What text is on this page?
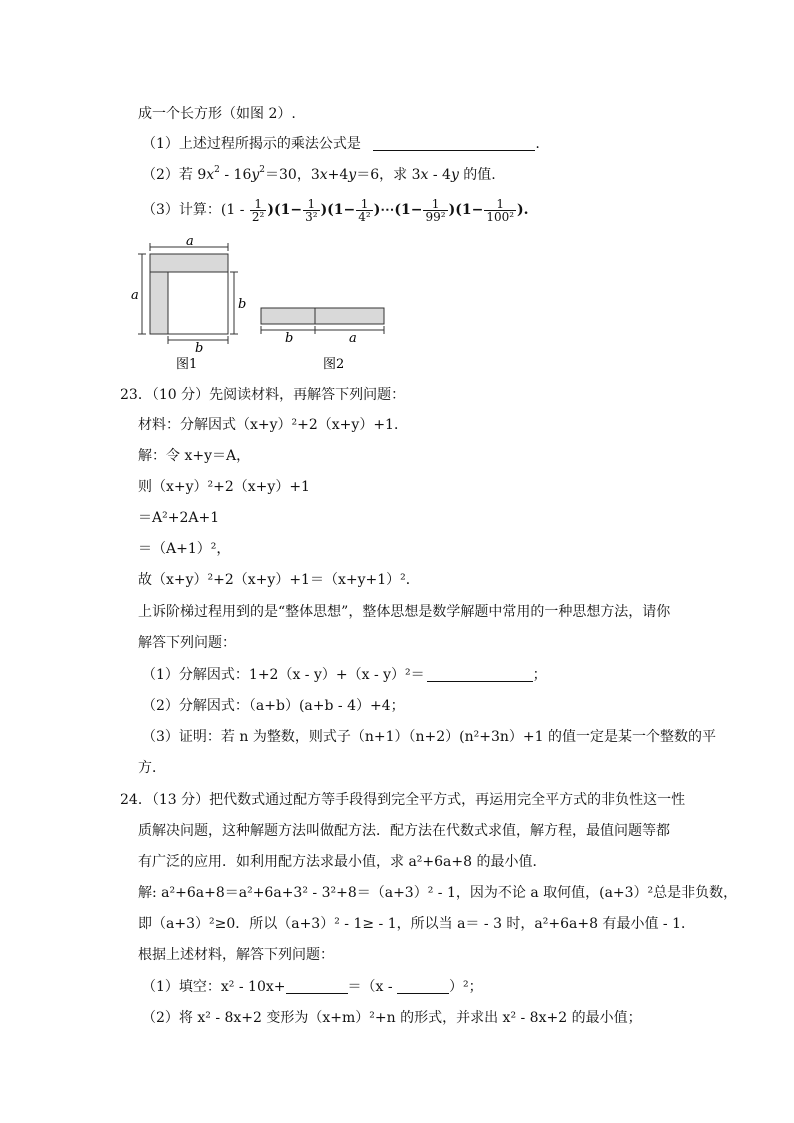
成一个长方形（如图 2）.
（1）上述过程所揭示的乘法公式是	.
（2）若 $9x^2 - 16y^2=30$，3x+4y＝6，求 3x - 4y 的值.
（3）计算：$(1 - \frac{1}{\text{2²}} )(1- \frac{1}{\text{3²}} )(1- \frac{1}{\text{4²}}$ )⋯(1− $\frac{1}{\text{99²}} )(1- \frac{1}{\text{100²}}$ ).
a
a
b
b
图1
b	a
图2
23．（10 分）先阅读材料，再解答下列问题：
材料：分解因式（x+y）²+2（x+y）+1．
解：令 x+y＝A，
则（x+y）²+2（x+y）+1
＝A²+2A+1
＝（A+1）²，
故（x+y）²+2（x+y）+1＝（x+y+1）²．
上诉阶梯过程用到的是“整体思想”，整体思想是数学解题中常用的一种思想方法，请你
解答下列问题：
（1）分解因式：1+2（x - y）+（x - y）²＝	；
（2）分解因式：（a+b）(a+b - 4）+4；
（3）证明：若 n 为整数，则式子（n+1）（n+2）(n²+3n）+1 的值一定是某一个整数的平
方．
24．（13 分）把代数式通过配方等手段得到完全平方式，再运用完全平方式的非负性这一性
质解决问题，这种解题方法叫做配方法．配方法在代数式求值，解方程，最值问题等都
有广泛的应用．如利用配方法求最小值，求 a²+6a+8 的最小值．
解: a²+6a+8＝a²+6a+3² - 3²+8＝（a+3）² - 1，因为不论 a 取何值，(a+3）²总是非负数，
即（a+3）²≥0．所以（a+3）² - 1≥ - 1，所以当 a＝ - 3 时，a²+6a+8 有最小值 - 1．
根据上述材料，解答下列问题：
（1）填空：x² - 10x+	＝（x -	）²；
（2）将 x² - 8x+2 变形为（x+m）²+n 的形式，并求出 x² - 8x+2 的最小值；
